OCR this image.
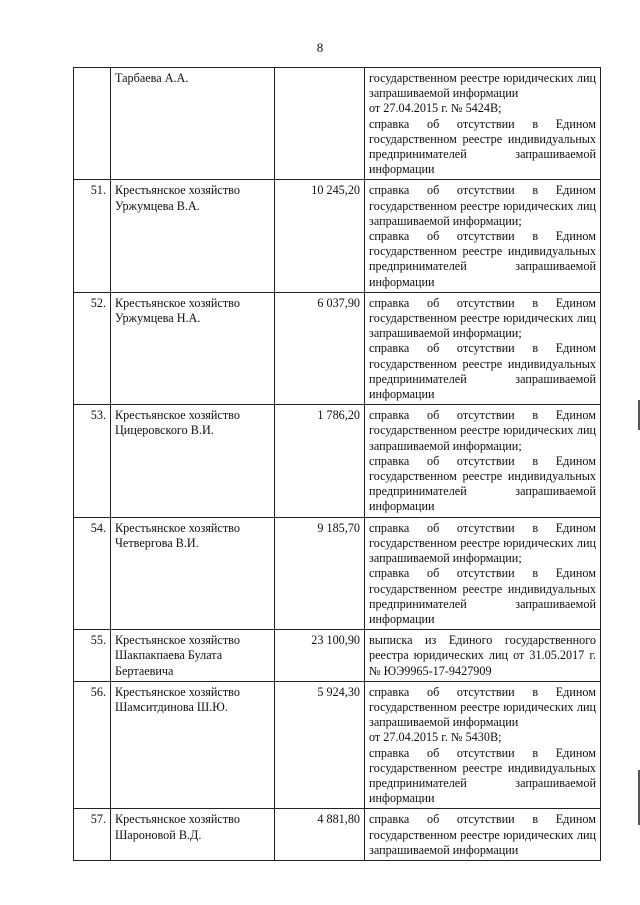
8
	Тарбаева А.А.		государственном реестре юридических лиц запрашиваемой информации
от 27.04.2015 г. № 5424В;
справка об отсутствии в Едином государственном реестре индивидуальных предпринимателей запрашиваемой информации

51.	Крестьянское хозяйство Уржумцева В.А.	10 245,20	справка об отсутствии в Едином государственном реестре юридических лиц запрашиваемой информации;
справка об отсутствии в Едином государственном реестре индивидуальных предпринимателей запрашиваемой информации

52.	Крестьянское хозяйство Уржумцева Н.А.	6 037,90	справка об отсутствии в Едином государственном реестре юридических лиц запрашиваемой информации;
справка об отсутствии в Едином государственном реестре индивидуальных предпринимателей запрашиваемой информации

53.	Крестьянское хозяйство Цицеровского В.И.	1 786,20	справка об отсутствии в Едином государственном реестре юридических лиц запрашиваемой информации;
справка об отсутствии в Едином государственном реестре индивидуальных предпринимателей запрашиваемой информации

54.	Крестьянское хозяйство Четвергова В.И.	9 185,70	справка об отсутствии в Едином государственном реестре юридических лиц запрашиваемой информации;
справка об отсутствии в Едином государственном реестре индивидуальных предпринимателей запрашиваемой информации

55.	Крестьянское хозяйство Шакпакпаева Булата Бертаевича	23 100,90	выписка из Единого государственного реестра юридических лиц от 31.05.2017 г. № ЮЭ9965-17-9427909

56.	Крестьянское хозяйство Шамситдинова Ш.Ю.	5 924,30	справка об отсутствии в Едином государственном реестре юридических лиц запрашиваемой информации
от 27.04.2015 г. № 5430В;
справка об отсутствии в Едином государственном реестре индивидуальных предпринимателей запрашиваемой информации

57.	Крестьянское хозяйство Шароновой В.Д.	4 881,80	справка об отсутствии в Едином государственном реестре юридических лиц запрашиваемой информации
